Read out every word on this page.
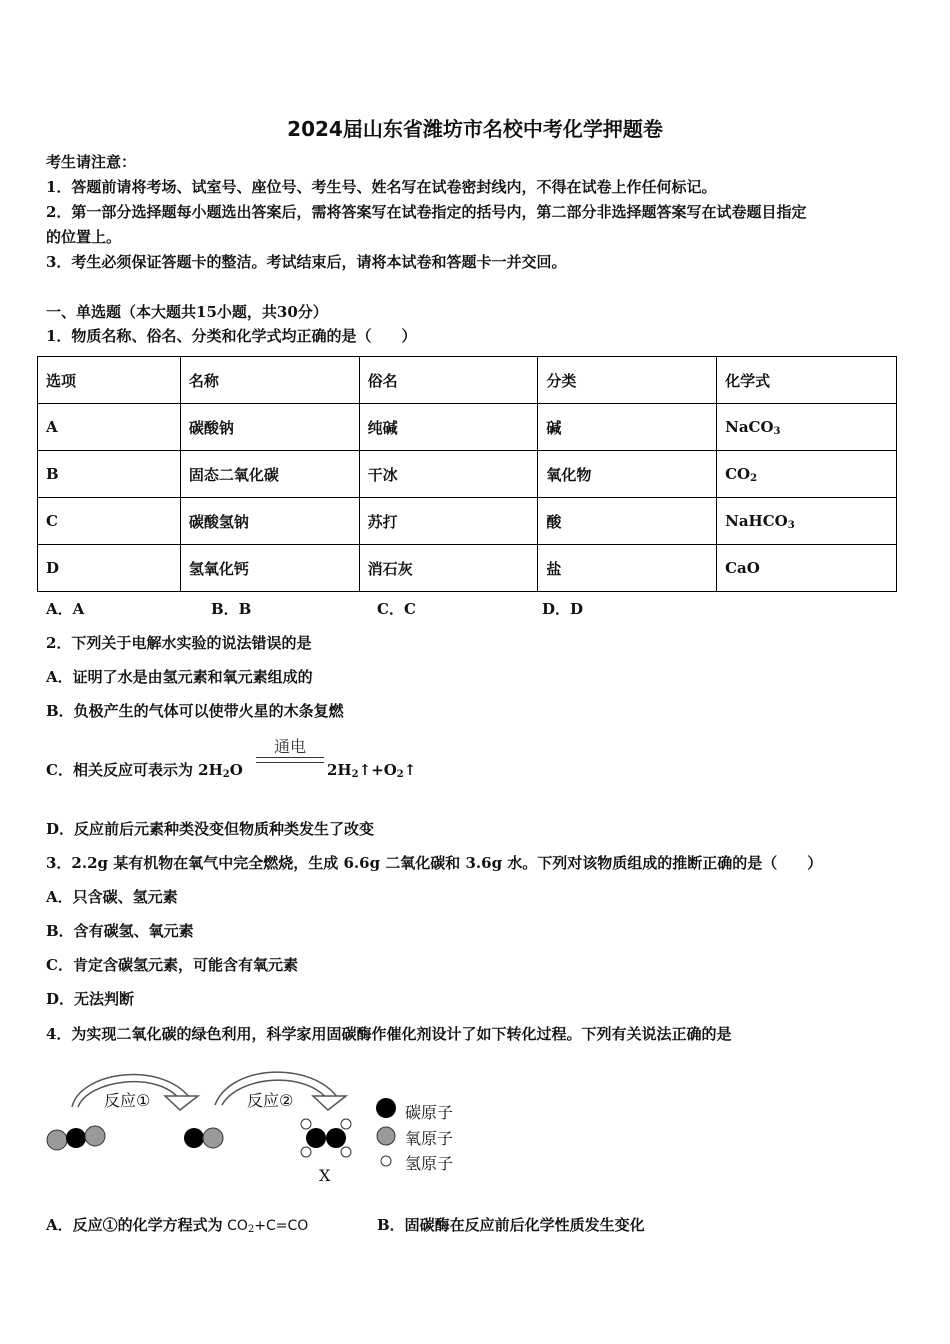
2024届山东省潍坊市名校中考化学押题卷
考生请注意：
1．答题前请将考场、试室号、座位号、考生号、姓名写在试卷密封线内，不得在试卷上作任何标记。
2．第一部分选择题每小题选出答案后，需将答案写在试卷指定的括号内，第二部分非选择题答案写在试卷题目指定
的位置上。
3．考生必须保证答题卡的整洁。考试结束后，请将本试卷和答题卡一并交回。
一、单选题（本大题共15小题，共30分）
1．物质名称、俗名、分类和化学式均正确的是（　　）
选项	名称	俗名	分类	化学式
A	碳酸钠	纯碱	碱	NaCO$_3$
B	固态二氧化碳	干冰	氧化物	$CO_2$
C	碳酸氢钠	苏打	酸	NaHCO$_3$
D	氢氧化钙	消石灰	盐	CaO
A．A	B．B	C．C	D．D
2．下列关于电解水实验的说法错误的是
A．证明了水是由氢元素和氧元素组成的
B．负极产生的气体可以使带火星的木条复燃
C．相关反应可表示为 $2H_2O$
通电
$2H_2↑+O_2↑$
D．反应前后元素种类没变但物质种类发生了改变
3．2.2g 某有机物在氧气中完全燃烧，生成 6.6g 二氧化碳和 3.6g 水。下列对该物质组成的推断正确的是（　　）
A．只含碳、氢元素
B．含有碳氢、氧元素
C．肯定含碳氢元素，可能含有氧元素
D．无法判断
4．为实现二氧化碳的绿色利用，科学家用固碳酶作催化剂设计了如下转化过程。下列有关说法正确的是
反应①	反应②
X
碳原子
氧原子
氢原子
A．反应①的化学方程式为 $CO_2+C=CO$	B．固碳酶在反应前后化学性质发生变化
